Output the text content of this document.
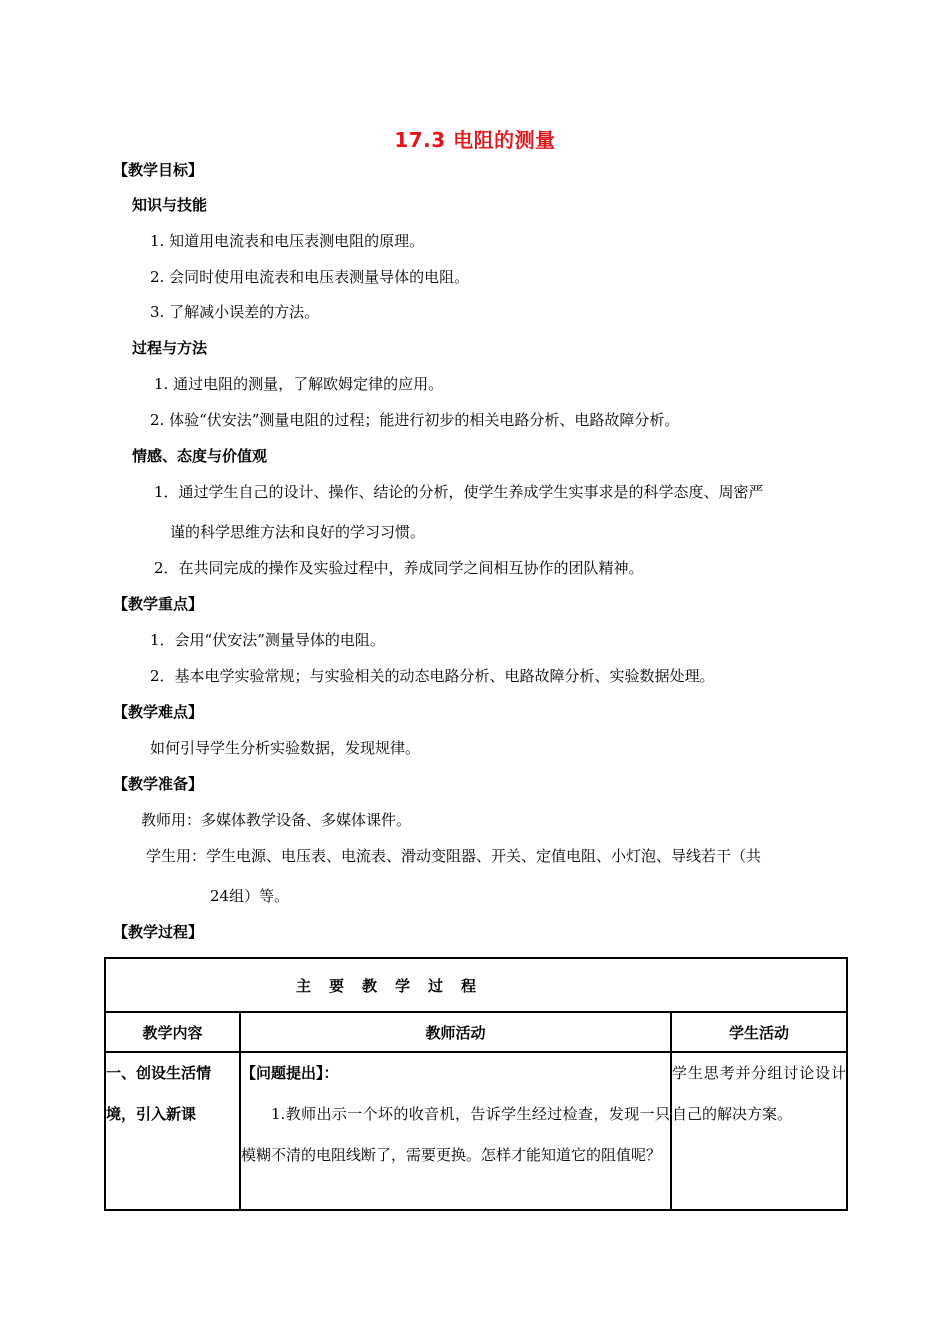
17.3 电阻的测量
【教学目标】
知识与技能
1. 知道用电流表和电压表测电阻的原理。
2. 会同时使用电流表和电压表测量导体的电阻。
3. 了解减小误差的方法。
过程与方法
1. 通过电阻的测量，了解欧姆定律的应用。
2. 体验“伏安法”测量电阻的过程；能进行初步的相关电路分析、电路故障分析。
情感、态度与价值观
1．通过学生自己的设计、操作、结论的分析，使学生养成学生实事求是的科学态度、周密严
谨的科学思维方法和良好的学习习惯。
2．在共同完成的操作及实验过程中，养成同学之间相互协作的团队精神。
【教学重点】
1．会用“伏安法”测量导体的电阻。
2．基本电学实验常规；与实验相关的动态电路分析、电路故障分析、实验数据处理。
【教学难点】
如何引导学生分析实验数据，发现规律。
【教学准备】
教师用：多媒体教学设备、多媒体课件。
学生用：学生电源、电压表、电流表、滑动变阻器、开关、定值电阻、小灯泡、导线若干（共
24组）等。
【教学过程】
主要教学过程		
教学内容	教师活动	学生活动
一、创设生活情境，引入新课	【问题提出】：
1.教师出示一个坏的收音机，告诉学生经过检查，发现一只模糊不清的电阻线断了，需要更换。怎样才能知道它的阻值呢？	学生思考并分组讨论设计自己的解决方案。
